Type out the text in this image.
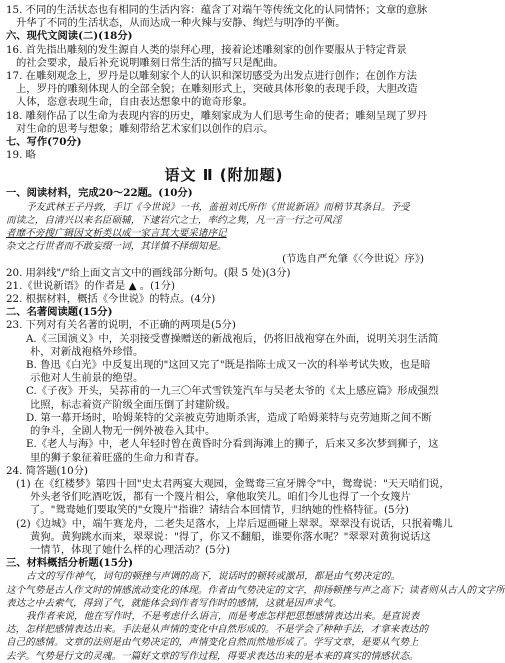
15. 不同的生活状态也有相同的生活内容：蕴含了对端午等传统文化的认同情怀；文章的意脉
升华了不同的生活状态，从而达成一种火辣与安静、绚烂与明净的平衡。
六、现代文阅读(二)(18分)
16. 首先指出雕刻的发生源自人类的崇拜心理，接着论述雕刻家的创作要服从于特定背景
的社会要求，最后补充说明雕刻日常生活的描写只是配曲。
17. 在雕刻观念上，罗丹是以雕刻家个人的认识和深切感受为出发点进行创作；在创作方法
上，罗丹的雕刻体现人的全部全貌；在雕刻形式上，突破具体形象的表现手段，大胆改造
人体，恣意表现生命，自由表达想象中的诡奇形象。
18. 雕刻作品了以生命为表现内容的历史，雕刻家成为人们思考生命的使者；雕刻呈现了罗丹
对生命的思考与想象；雕刻带给艺术家们以创作的启示。
七、写作(70分)
19. 略
语文 Ⅱ (附加题)
一、阅读材料，完成20～22题。(10分)
予友武林王子丹敦，手订《今世说》一书，盖祖刘氏所作《世说新语》而稍节其条目。予受
而读之，自清兴以来名臣硕辅，下逮岩穴之士，率约之隽，凡一言一行之可风淫
者靡不旁搜广辑因文析类以成一家言其大要采诸序记
杂文之行世者而不敢妄缀一词，其详慎不择细知是。
(节选自严允肇《〈今世说〉序》)
20. 用斜线"/"给上面文言文中的画线部分断句。(限 5 处)(3分)
21.《世说新语》的作者是 ▲ 。(1分)
22. 根据材料，概括《今世说》的特点。(4分)
二、名著阅读题(15分)
23. 下列对有关名著的说明，不正确的两项是(5分)
A.《三国演义》中，关羽接受曹操赠送的新战袍后，仍将旧战袍穿在外面，说明关羽生活简
朴，对新战袍格外珍惜。
B. 鲁迅《白光》中反复出现的"这回又完了"既是指陈士成又一次的科举考试失败，也是暗
示他对人生前景的绝望。
C.《子夜》开头，吴荪甫的一九三〇年式雪铁笼汽车与吴老太爷的《太上感应篇》形成强烈
比照，标志着资产阶级全面压倒了封建阶级。
D. 第一幕开场时，哈姆莱特的父亲被克劳迪斯杀害，造成了哈姆莱特与克劳迪斯之间不断
的争斗，全剧人物无一例外被卷入其中。
E.《老人与海》中，老人年轻时曾在黄昏时分看到海滩上的狮子，后来又多次梦到狮子，这
里的狮子象征着旺盛的生命力和青春。
24. 简答题(10分)
(1) 在《红楼梦》第四十回"史太君两宴大观园，金鸳鸯三宣牙牌令"中，鸳鸯说："天天哨们说，
外头老爷们吃酒吃饭，都有一个篾片相公，拿他取笑儿。咱们今儿也得了一个女篾片
了。"鸳鸯她们要取笑的"女篾片"指谁？请结合本回情节，归纳她的性格特征。(5分)
(2)《边城》中，端午赛龙舟，二老失足落水，上岸后逗画碰上翠翠。翠翠没有说话，只抿着嘴儿
黄狗。黄狗跳水而来，翠翠说："得了，你又不翻船，谁要你落水呢？"翠翠对黄狗说话这
一情节，体现了她什么样的心理活动？(5分)
三、材料概括分析题(15分)
古文的写作神气，词句的顿挫与声调的高下，说话时的顿转或激昂，都是由气势决定的。
这个气势是古人作文时的情感流动变化的体现。作者由气势决定的文字，抑扬顿挫与声之高下；读者则从古人的文字所
表达之中去索气，得到了气，就能体会到作者写作时的感情，这就是因声求气。
我作者来说，他在写作时，不是考虑什么语言，而是考虑怎样把思想感情表达出来。是直说表
达，怎样把感情表达出来。手法是从声情的变化中自然形成的。不是学会了种种手法，才拿来表达的
自己的感情。文章的法则是由气势决定的，声情变化自然而然地形成了。学写文章，是要从气势上
去学。气势是行文的灵魂。一篇好文章的写作过程，得要求表达出来的是本来的真实的情感状态。
